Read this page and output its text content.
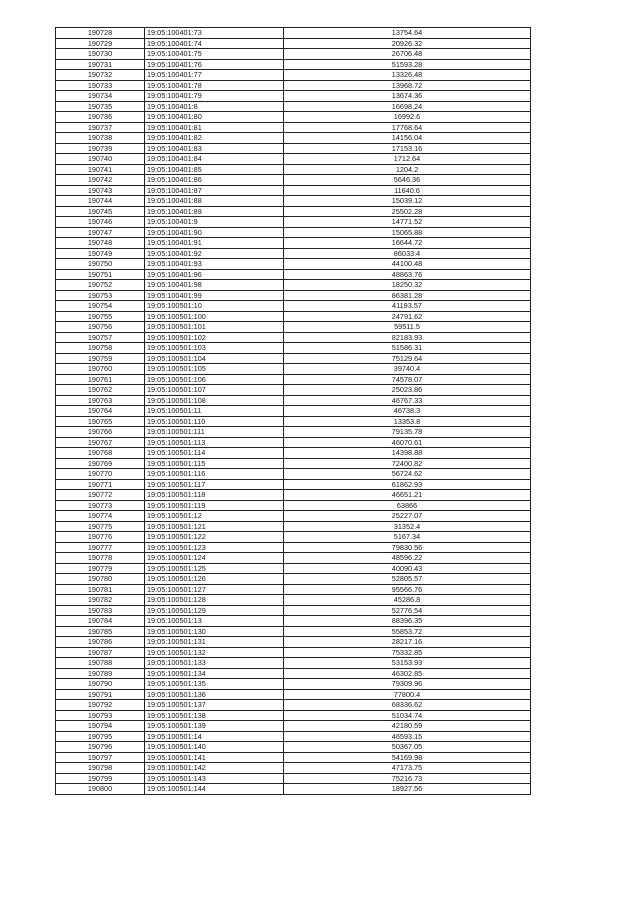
190728	19:05:100401:73	13754.64
190729	19:05:100401:74	20926.32
190730	19:05:100401:75	26706.48
190731	19:05:100401:76	51593.28
190732	19:05:100401:77	13326.48
190733	19:05:100401:78	13968.72
190734	19:05:100401:79	13674.36
190735	19:05:100401:8	16698.24
190736	19:05:100401:80	16992.6
190737	19:05:100401:81	17768.64
190738	19:05:100401:82	14156.04
190739	19:05:100401:83	17153.16
190740	19:05:100401:84	1712.64
190741	19:05:100401:85	1204.2
190742	19:05:100401:86	5646.36
190743	19:05:100401:87	11640.6
190744	19:05:100401:88	15039.12
190745	19:05:100401:89	25502.28
190746	19:05:100401:9	14771.52
190747	19:05:100401:90	15065.88
190748	19:05:100401:91	16644.72
190749	19:05:100401:92	86033.4
190750	19:05:100401:93	44100.48
190751	19:05:100401:96	48863.76
190752	19:05:100401:98	18250.32
190753	19:05:100401:99	86381.28
190754	19:05:100501:10	41193.57
190755	19:05:100501:100	24791.62
190756	19:05:100501:101	59511.5
190757	19:05:100501:102	82183.93
190758	19:05:100501:103	51586.31
190759	19:05:100501:104	75129.64
190760	19:05:100501:105	39740.4
190761	19:05:100501:106	74578.07
190762	19:05:100501:107	25023.86
190763	19:05:100501:108	46767.33
190764	19:05:100501:11	46738.3
190765	19:05:100501:110	13353.8
190766	19:05:100501:111	79135.78
190767	19:05:100501:113	46070.61
190768	19:05:100501:114	14398.88
190769	19:05:100501:115	72400.82
190770	19:05:100501:116	56724.62
190771	19:05:100501:117	61862.93
190772	19:05:100501:118	46651.21
190773	19:05:100501:119	63866
190774	19:05:100501:12	25227.07
190775	19:05:100501:121	31352.4
190776	19:05:100501:122	5167.34
190777	19:05:100501:123	79830.56
190778	19:05:100501:124	48596.22
190779	19:05:100501:125	40090.43
190780	19:05:100501:126	52805.57
190781	19:05:100501:127	95566.76
190782	19:05:100501:128	45286.8
190783	19:05:100501:129	52776.54
190784	19:05:100501:13	88396.35
190785	19:05:100501:130	55853.72
190786	19:05:100501:131	28217.16
190787	19:05:100501:132	75332.85
190788	19:05:100501:133	53153.93
190789	19:05:100501:134	46302.85
190790	19:05:100501:135	79309.96
190791	19:05:100501:136	77800.4
190792	19:05:100501:137	68336.62
190793	19:05:100501:138	51034.74
190794	19:05:100501:139	42180.59
190795	19:05:100501:14	46593.15
190796	19:05:100501:140	50367.05
190797	19:05:100501:141	54169.98
190798	19:05:100501:142	47173.75
190799	19:05:100501:143	75216.73
190800	19:05:100501:144	18927.56
